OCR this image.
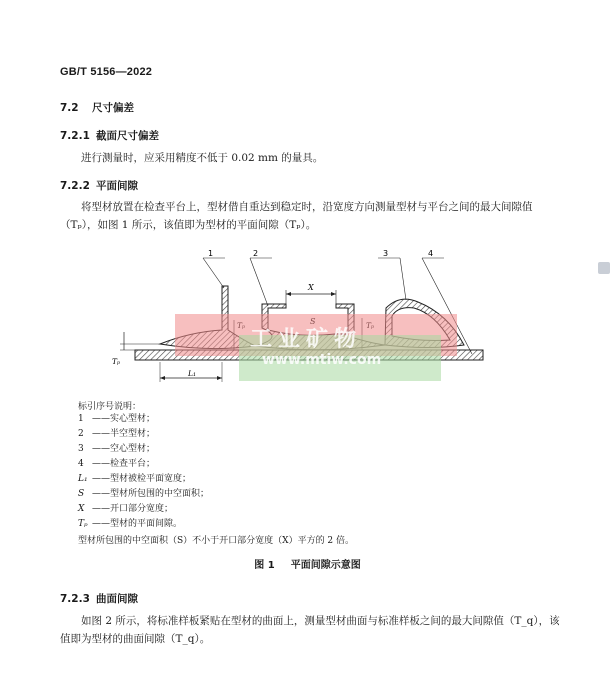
GB/T 5156—2022
7.2 尺寸偏差
7.2.1 截面尺寸偏差
进行测量时，应采用精度不低于 0.02 mm 的量具。
7.2.2 平面间隙
将型材放置在检查平台上，型材借自重达到稳定时，沿宽度方向测量型材与平台之间的最大间隙值（Tₚ），如图 1 所示，该值即为型材的平面间隙（Tₚ）。
X
Tₚ
L₁
1	2	3	4
工业矿物
www.mtiw.com
标引序号说明：
1 ——实心型材；
2 ——半空型材；
3 ——空心型材；
4 ——检查平台；
L₁ ——型材被检平面宽度；
S ——型材所包围的中空面积；
X ——开口部分宽度；
Tₚ ——型材的平面间隙。
型材所包围的中空面积（S）不小于开口部分宽度（X）平方的 2 倍。
图 1 平面间隙示意图
7.2.3 曲面间隙
如图 2 所示，将标准样板紧贴在型材的曲面上，测量型材曲面与标准样板之间的最大间隙值（T_q），该值即为型材的曲面间隙（T_q）。
